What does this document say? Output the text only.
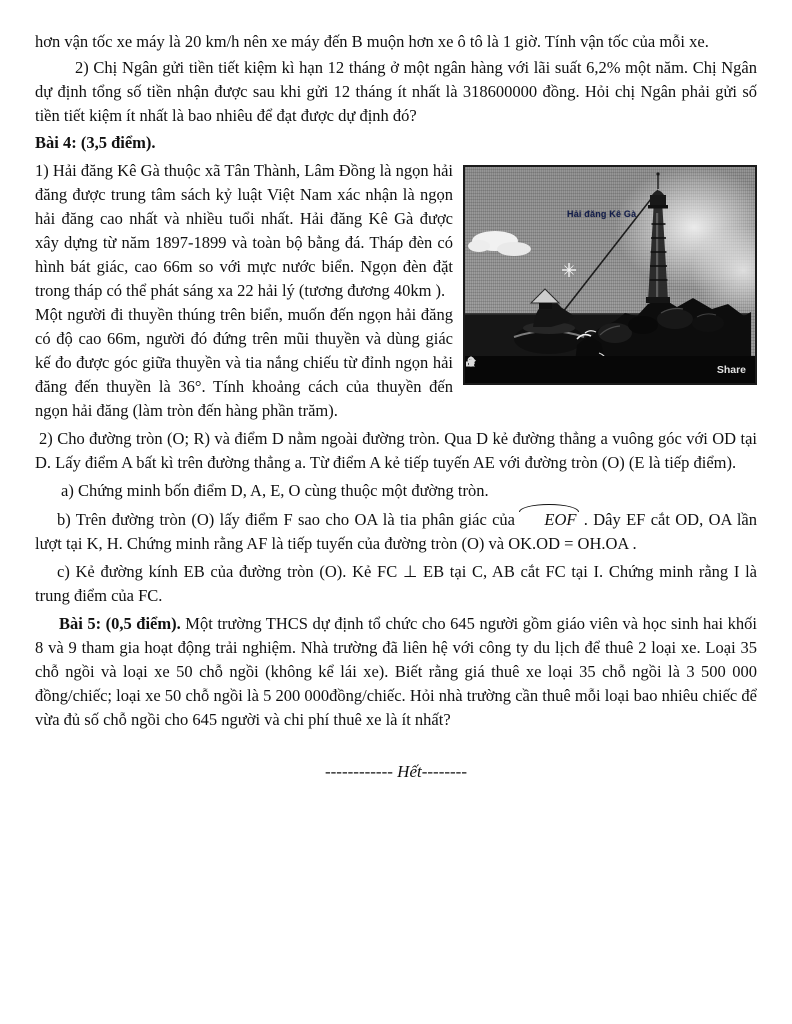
hơn vận tốc xe máy là 20 km/h nên xe máy đến B muộn hơn xe ô tô là 1 giờ. Tính vận tốc của mỗi xe.

2) Chị Ngân gửi tiền tiết kiệm kì hạn 12 tháng ở một ngân hàng với lãi suất 6,2% một năm. Chị Ngân dự định tổng số tiền nhận được sau khi gửi 12 tháng ít nhất là 318600000 đồng. Hỏi chị Ngân phải gửi số tiền tiết kiệm ít nhất là bao nhiêu để đạt được dự định đó?

Bài 4: (3,5 điểm).

Hải đăng Kê Gà
Share

1) Hải đăng Kê Gà thuộc xã Tân Thành, Lâm Đồng là ngọn hải đăng được trung tâm sách kỷ luật Việt Nam xác nhận là ngọn hải đăng cao nhất và nhiều tuổi nhất. Hải đăng Kê Gà được xây dựng từ năm 1897-1899 và toàn bộ bằng đá. Tháp đèn có hình bát giác, cao 66m so với mực nước biển. Ngọn đèn đặt trong tháp có thể phát sáng xa 22 hải lý (tương đương 40km ).

Một người đi thuyền thúng trên biển, muốn đến ngọn hải đăng có độ cao 66m, người đó đứng trên mũi thuyền và dùng giác kế đo được góc giữa thuyền và tia nắng chiếu từ đỉnh ngọn hải đăng đến thuyền là 36°. Tính khoảng cách của thuyền đến ngọn hải đăng (làm tròn đến hàng phần trăm).

2) Cho đường tròn (O; R) và điểm D nằm ngoài đường tròn. Qua D kẻ đường thẳng a vuông góc với OD tại D. Lấy điểm A bất kì trên đường thẳng a. Từ điểm A kẻ tiếp tuyến AE với đường tròn (O) (E là tiếp điểm).

a) Chứng minh bốn điểm D, A, E, O cùng thuộc một đường tròn.

b) Trên đường tròn (O) lấy điểm F sao cho OA là tia phân giác của EOF . Dây EF cắt OD, OA lần lượt tại K, H. Chứng minh rằng AF là tiếp tuyến của đường tròn (O) và OK.OD = OH.OA .

c) Kẻ đường kính EB của đường tròn (O). Kẻ FC ⊥ EB tại C, AB cắt FC tại I. Chứng minh rằng I là trung điểm của FC.

Bài 5: (0,5 điểm). Một trường THCS dự định tổ chức cho 645 người gồm giáo viên và học sinh hai khối 8 và 9 tham gia hoạt động trải nghiệm. Nhà trường đã liên hệ với công ty du lịch để thuê 2 loại xe. Loại 35 chỗ ngồi và loại xe 50 chỗ ngồi (không kể lái xe). Biết rằng giá thuê xe loại 35 chỗ ngồi là 3 500 000 đồng/chiếc; loại xe 50 chỗ ngồi là 5 200 000đồng/chiếc. Hỏi nhà trường cần thuê mỗi loại bao nhiêu chiếc để vừa đủ số chỗ ngồi cho 645 người và chi phí thuê xe là ít nhất?

------------ Hết--------
